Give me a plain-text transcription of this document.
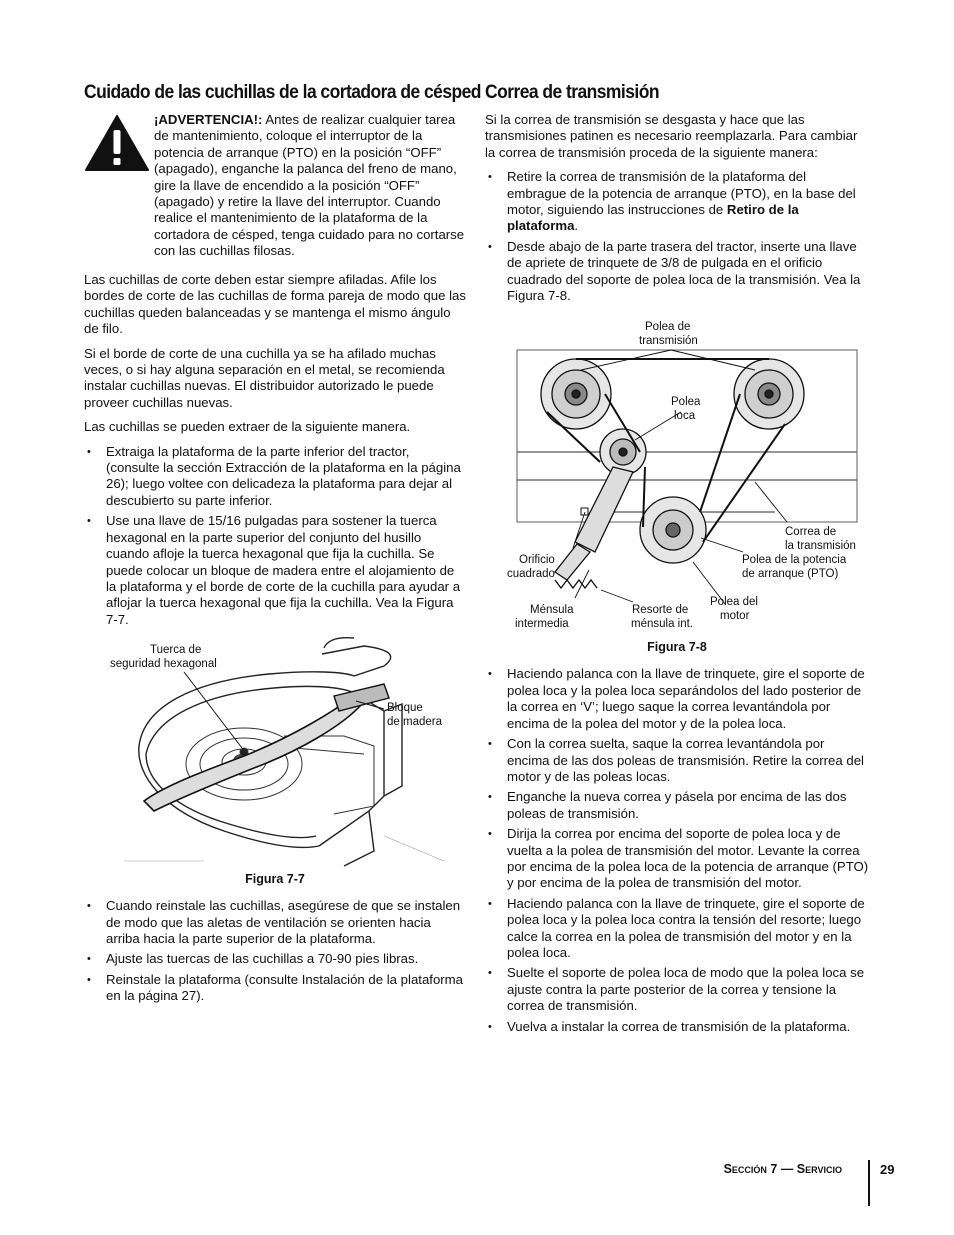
Cuidado de las cuchillas de la cortadora de césped

¡ADVERTENCIA!: Antes de realizar cualquier tarea de mantenimiento, coloque el interruptor de la potencia de arranque (PTO) en la posición “OFF” (apagado), enganche la palanca del freno de mano, gire la llave de encendido a la posición “OFF” (apagado) y retire la llave del interruptor. Cuando realice el mantenimiento de la plataforma de la cortadora de césped, tenga cuidado para no cortarse con las cuchillas filosas.

Las cuchillas de corte deben estar siempre afiladas. Afile los bordes de corte de las cuchillas de forma pareja de modo que las cuchillas queden balanceadas y se mantenga el mismo ángulo de filo.

Si el borde de corte de una cuchilla ya se ha afilado muchas veces, o si hay alguna separación en el metal, se recomienda instalar cuchillas nuevas. El distribuidor autorizado le puede proveer cuchillas nuevas.

Las cuchillas se pueden extraer de la siguiente manera.

• Extraiga la plataforma de la parte inferior del tractor, (consulte la sección Extracción de la plataforma en la página 26); luego voltee con delicadeza la plataforma para dejar al descubierto su parte inferior.
• Use una llave de 15/16 pulgadas para sostener la tuerca hexagonal en la parte superior del conjunto del husillo cuando afloje la tuerca hexagonal que fija la cuchilla. Se puede colocar un bloque de madera entre el alojamiento de la plataforma y el borde de corte de la cuchilla para ayudar a aflojar la tuerca hexagonal que fija la cuchilla. Vea la Figura 7-7.
Tuerca de
seguridad hexagonal
Bloque
de madera
Figura 7-7
• Cuando reinstale las cuchillas, asegúrese de que se instalen de modo que las aletas de ventilación se orienten hacia arriba hacia la parte superior de la plataforma.
• Ajuste las tuercas de las cuchillas a 70-90 pies libras.
• Reinstale la plataforma (consulte Instalación de la plataforma en la página 27).
Correa de transmisión

Si la correa de transmisión se desgasta y hace que las transmisiones patinen es necesario reemplazarla. Para cambiar la correa de transmisión proceda de la siguiente manera:

• Retire la correa de transmisión de la plataforma del embrague de la potencia de arranque (PTO), en la base del motor, siguiendo las instrucciones de Retiro de la plataforma.
• Desde abajo de la parte trasera del tractor, inserte una llave de apriete de trinquete de 3/8 de pulgada en el orificio cuadrado del soporte de polea loca de la transmisión. Vea la Figura 7-8.
Polea de
transmisión
Polea
loca
Correa de
la transmisión
Orificio
cuadrado
Polea de la potencia
de arranque (PTO)
Ménsula
intermedia
Resorte de
ménsula int.
Polea del
motor
Figura 7-8
• Haciendo palanca con la llave de trinquete, gire el soporte de polea loca y la polea loca separándolos del lado posterior de la correa en ‘V’; luego saque la correa levantándola por encima de la polea del motor y de la polea loca.
• Con la correa suelta, saque la correa levantándola por encima de las dos poleas de transmisión. Retire la correa del motor y de las poleas locas.
• Enganche la nueva correa y pásela por encima de las dos poleas de transmisión.
• Dirija la correa por encima del soporte de polea loca y de vuelta a la polea de transmisión del motor. Levante la correa por encima de la polea loca de la potencia de arranque (PTO) y por encima de la polea de transmisión del motor.
• Haciendo palanca con la llave de trinquete, gire el soporte de polea loca y la polea loca contra la tensión del resorte; luego calce la correa en la polea de transmisión del motor y en la polea loca.
• Suelte el soporte de polea loca de modo que la polea loca se ajuste contra la parte posterior de la correa y tensione la correa de transmisión.
• Vuelva a instalar la correa de transmisión de la plataforma.
Sección 7 — Servicio	29
